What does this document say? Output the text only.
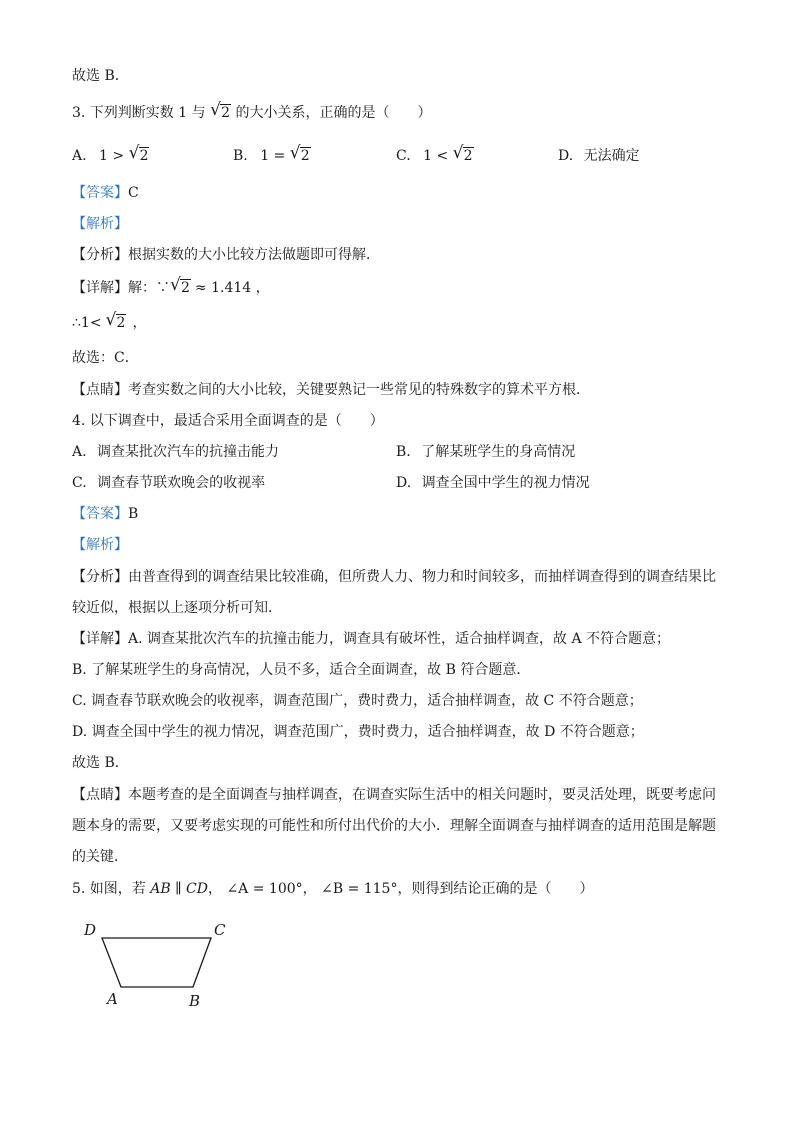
故选 B．
3. 下列判断实数 1 与 √ 2 的大小关系，正确的是（　　）
A. 1 > √ 2	B. 1 = √ 2	C. 1 < √ 2	D. 无法确定
【答案】C
【解析】
【分析】根据实数的大小比较方法做题即可得解．
【详解】解：∵ √ 2 ≈ 1.414 ，
∴1< √ 2 ，
故选：C．
【点睛】考查实数之间的大小比较，关键要熟记一些常见的特殊数字的算术平方根．
4. 以下调查中，最适合采用全面调查的是（　　）
A. 调查某批次汽车的抗撞击能力	B. 了解某班学生的身高情况
C. 调查春节联欢晚会的收视率	D. 调查全国中学生的视力情况
【答案】B
【解析】
【分析】由普查得到的调查结果比较准确，但所费人力、物力和时间较多，而抽样调查得到的调查结果比
较近似，根据以上逐项分析可知．
【详解】A. 调查某批次汽车的抗撞击能力，调查具有破坏性，适合抽样调查，故 A 不符合题意；
B. 了解某班学生的身高情况，人员不多，适合全面调查，故 B 符合题意．
C. 调查春节联欢晚会的收视率，调查范围广，费时费力，适合抽样调查，故 C 不符合题意；
D. 调查全国中学生的视力情况，调查范围广，费时费力，适合抽样调查，故 D 不符合题意；
故选 B．
【点睛】本题考查的是全面调查与抽样调查，在调查实际生活中的相关问题时，要灵活处理，既要考虑问
题本身的需要，又要考虑实现的可能性和所付出代价的大小．理解全面调查与抽样调查的适用范围是解题
的关键．
5. 如图，若 AB ∥ CD， ∠A = 100°， ∠B = 115°，则得到结论正确的是（　　）
D	C
A	B
